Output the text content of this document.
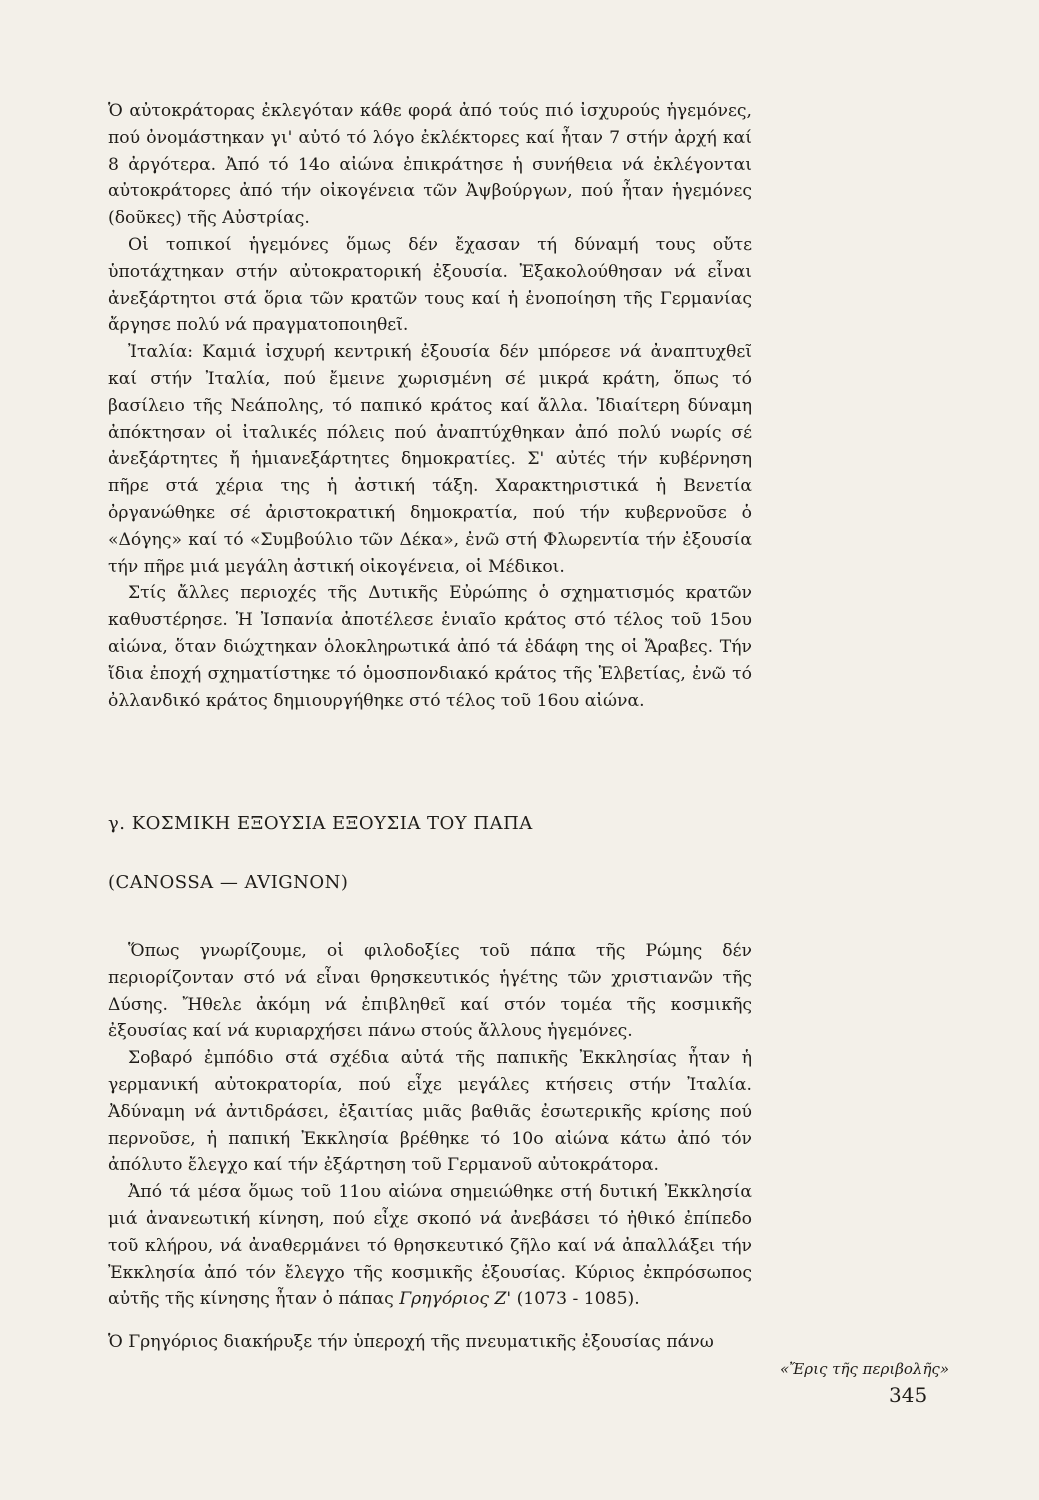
Ὁ αὐτοκράτορας ἐκλεγόταν κάθε φορά ἀπό τούς πιό ἰσχυρούς ἡγεμόνες, πού ὀνομάστηκαν γι' αὐτό τό λόγο ἐκλέκτορες καί ἦταν 7 στήν ἀρχή καί 8 ἀργότερα. Ἀπό τό 14ο αἰώνα ἐπικράτησε ἡ συνήθεια νά ἐκλέγονται αὐτοκράτορες ἀπό τήν οἰκογένεια τῶν Ἀψβούργων, πού ἦταν ἡγεμόνες (δοῦκες) τῆς Αὐστρίας.

Οἱ τοπικοί ἡγεμόνες ὅμως δέν ἔχασαν τή δύναμή τους οὔτε ὑποτάχτηκαν στήν αὐτοκρατορική ἐξουσία. Ἐξακολούθησαν νά εἶναι ἀνεξάρτητοι στά ὅρια τῶν κρατῶν τους καί ἡ ἑνοποίηση τῆς Γερμανίας ἄργησε πολύ νά πραγματοποιηθεῖ.

Ἰταλία: Καμιά ἰσχυρή κεντρική ἐξουσία δέν μπόρεσε νά ἀναπτυχθεῖ καί στήν Ἰταλία, πού ἔμεινε χωρισμένη σέ μικρά κράτη, ὅπως τό βασίλειο τῆς Νεάπολης, τό παπικό κράτος καί ἄλλα. Ἰδιαίτερη δύναμη ἀπόκτησαν οἱ ἰταλικές πόλεις πού ἀναπτύχθηκαν ἀπό πολύ νωρίς σέ ἀνεξάρτητες ἤ ἡμιανεξάρτητες δημοκρατίες. Σ' αὐτές τήν κυβέρνηση πῆρε στά χέρια της ἡ ἀστική τάξη. Χαρακτηριστικά ἡ Βενετία ὀργανώθηκε σέ ἀριστοκρατική δημοκρατία, πού τήν κυβερνοῦσε ὁ «Δόγης» καί τό «Συμβούλιο τῶν Δέκα», ἐνῶ στή Φλωρεντία τήν ἐξουσία τήν πῆρε μιά μεγάλη ἀστική οἰκογένεια, οἱ Μέδικοι.

Στίς ἄλλες περιοχές τῆς Δυτικῆς Εὐρώπης ὁ σχηματισμός κρατῶν καθυστέρησε. Ἡ Ἰσπανία ἀποτέλεσε ἑνιαῖο κράτος στό τέλος τοῦ 15ου αἰώνα, ὅταν διώχτηκαν ὁλοκληρωτικά ἀπό τά ἐδάφη της οἱ Ἄραβες. Τήν ἴδια ἐποχή σχηματίστηκε τό ὁμοσπονδιακό κράτος τῆς Ἑλβετίας, ἐνῶ τό ὀλλανδικό κράτος δημιουργήθηκε στό τέλος τοῦ 16ου αἰώνα.

γ. ΚΟΣΜΙΚΗ ΕΞΟΥΣΙΑ ΕΞΟΥΣΙΑ ΤΟΥ ΠΑΠΑ
(CANOSSA — AVIGNON)

Ὅπως γνωρίζουμε, οἱ φιλοδοξίες τοῦ πάπα τῆς Ρώμης δέν περιορίζονταν στό νά εἶναι θρησκευτικός ἡγέτης τῶν χριστιανῶν τῆς Δύσης. Ἤθελε ἀκόμη νά ἐπιβληθεῖ καί στόν τομέα τῆς κοσμικῆς ἐξουσίας καί νά κυριαρχήσει πάνω στούς ἄλλους ἡγεμόνες.

Σοβαρό ἐμπόδιο στά σχέδια αὐτά τῆς παπικῆς Ἐκκλησίας ἦταν ἡ γερμανική αὐτοκρατορία, πού εἶχε μεγάλες κτήσεις στήν Ἰταλία. Ἀδύναμη νά ἀντιδράσει, ἐξαιτίας μιᾶς βαθιᾶς ἐσωτερικῆς κρίσης πού περνοῦσε, ἡ παπική Ἐκκλησία βρέθηκε τό 10ο αἰώνα κάτω ἀπό τόν ἀπόλυτο ἔλεγχο καί τήν ἐξάρτηση τοῦ Γερμανοῦ αὐτοκράτορα.

Ἀπό τά μέσα ὅμως τοῦ 11ου αἰώνα σημειώθηκε στή δυτική Ἐκκλησία μιά ἀνανεωτική κίνηση, πού εἶχε σκοπό νά ἀνεβάσει τό ἠθικό ἐπίπεδο τοῦ κλήρου, νά ἀναθερμάνει τό θρησκευτικό ζῆλο καί νά ἀπαλλάξει τήν Ἐκκλησία ἀπό τόν ἔλεγχο τῆς κοσμικῆς ἐξουσίας. Κύριος ἐκπρόσωπος αὐτῆς τῆς κίνησης ἦταν ὁ πάπας Γρηγόριος Ζ' (1073 - 1085).

Ὁ Γρηγόριος διακήρυξε τήν ὑπεροχή τῆς πνευματικῆς ἐξουσίας πάνω

«Ἔρις τῆς περιβολῆς»
345
